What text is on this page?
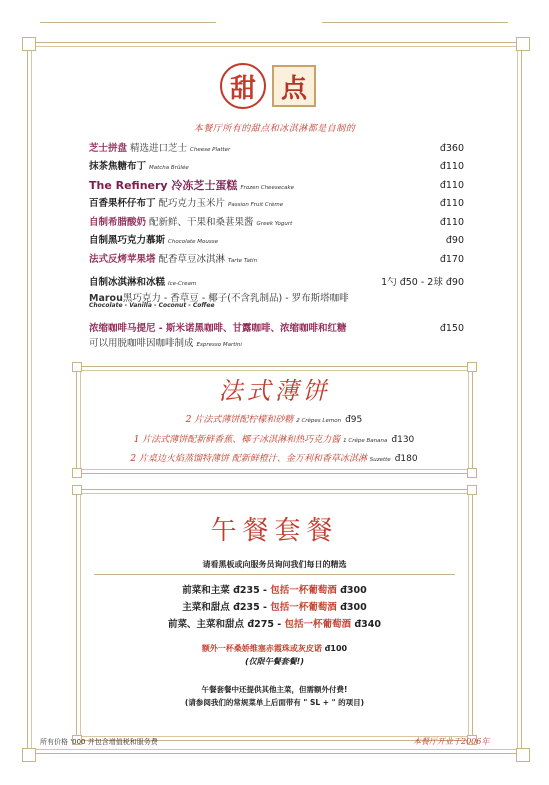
甜 点
本餐厅所有的甜点和冰淇淋都是自制的
芝士拼盘 精选进口芝士 Cheese Platter	đ360
抹茶焦糖布丁 Matcha Brûlée	đ110
The Refinery 冷冻芝士蛋糕 Frozen Cheesecake	đ110
百香果杯仔布丁 配巧克力玉米片 Passion Fruit Crème	đ110
自制希腊酸奶 配新鲜、干果和桑葚果酱 Greek Yogurt	đ110
自制黑巧克力慕斯 Chocolate Mousse	đ90
法式反烤苹果塔 配香草豆冰淇淋 Tarte Tatin	đ170
自制冰淇淋和冰糕 Ice-Cream	1勺 đ50 - 2球 đ90
Marou黑巧克力 - 香草豆 - 椰子(不含乳制品) - 罗布斯塔咖啡
Chocolate - Vanilla - Coconut - Coffee
浓缩咖啡马提尼 - 斯米诺黑咖啡、甘露咖啡、浓缩咖啡和红糖	đ150
可以用脱咖啡因咖啡制成 Espresso Martini
法式薄饼
2 片法式薄饼配柠檬和砂糖 2 Crêpes Lemon đ95
1 片法式薄饼配新鲜香蕉、椰子冰淇淋和热巧克力酱 1 Crêpe Banana đ130
2 片桌边火焰蒸馏特薄饼 配新鲜橙汁、金万利和香草冰淇淋 Suzette đ180
午餐套餐
请看黑板或向服务员询问我们每日的精选
前菜和主菜 đ235 - 包括一杯葡萄酒 đ300
主菜和甜点 đ235 - 包括一杯葡萄酒 đ300
前菜、主菜和甜点 đ275 - 包括一杯葡萄酒 đ340
额外一杯桑娇维塞赤霞珠或灰皮诺 đ100
(仅限午餐套餐!)
午餐套餐中还提供其他主菜，但需额外付费!
(请参阅我们的常规菜单上后面带有 " SL + " 的项目)
所有价格 '000 并包含增值税和服务费	本餐厅开业于2006年
